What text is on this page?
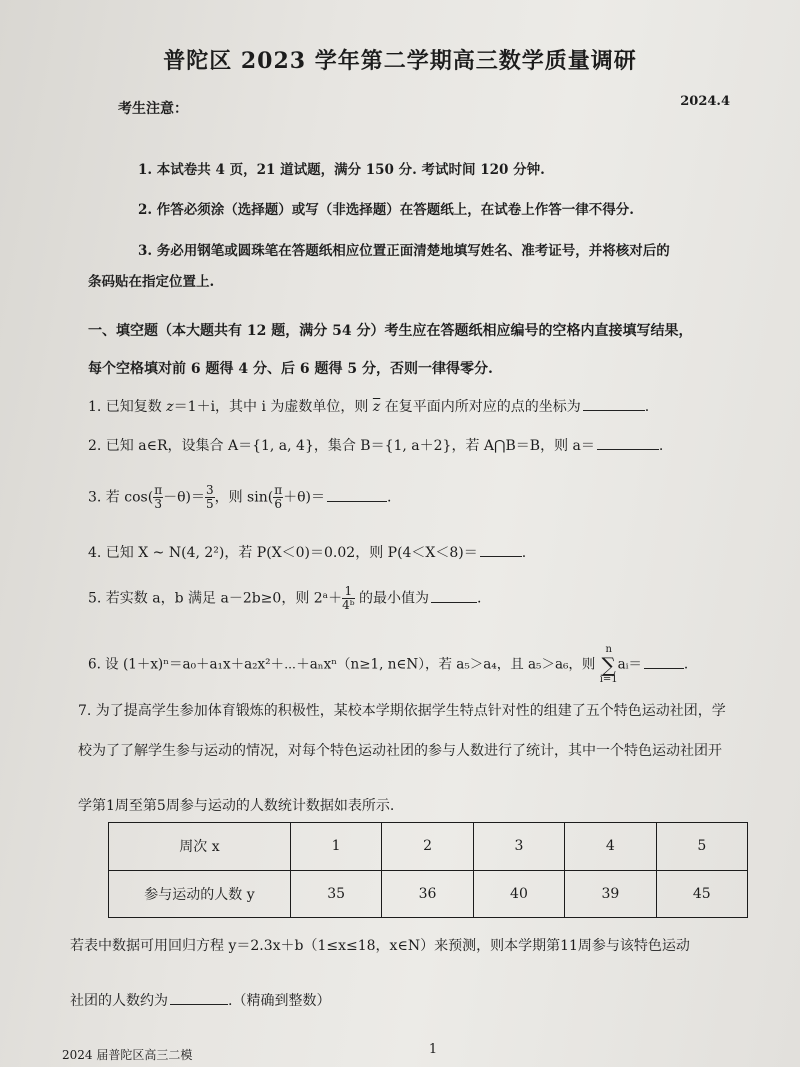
普陀区 2023 学年第二学期高三数学质量调研
2024.4
考生注意：
1. 本试卷共 4 页，21 道试题，满分 150 分. 考试时间 120 分钟.
2. 作答必须涂（选择题）或写（非选择题）在答题纸上，在试卷上作答一律不得分.
3. 务必用钢笔或圆珠笔在答题纸相应位置正面清楚地填写姓名、准考证号，并将核对后的
条码贴在指定位置上.
一、填空题（本大题共有 12 题，满分 54 分）考生应在答题纸相应编号的空格内直接填写结果，
每个空格填对前 6 题得 4 分、后 6 题得 5 分，否则一律得零分.
1. 已知复数 z＝1＋i，其中 i 为虚数单位，则 $\overline{z}$ 在复平面内所对应的点的坐标为	.
2. 已知 a∈R，设集合 A＝{1, a, 4}，集合 B＝{1, a＋2}，若 A⋂B＝B，则 a＝	.
3. 若 $\cos( \frac{\pi}{3} -\theta)= \frac{3}{5}$ ，则 $\sin( \frac{\pi}{6} +\theta)=$	.
4. 已知 X ~ N(4, 2²)，若 P(X＜0)＝0.02，则 P(4＜X＜8)＝	.
5. 若实数 a，b 满足 a－2b≥0，则 2ᵃ＋ $\frac{1}{\text{4ᵇ}}$ 的最小值为	.
6. 设 (1＋x)ⁿ＝a₀＋a₁x＋a₂x²＋⋯＋aₙxⁿ（n≥1, n∈N），若 a₅＞a₄，且 a₅＞a₆，则 n
∑
i=1aᵢ＝	.
7. 为了提高学生参加体育锻炼的积极性，某校本学期依据学生特点针对性的组建了五个特色运动社团，学
校为了了解学生参与运动的情况，对每个特色运动社团的参与人数进行了统计，其中一个特色运动社团开
学第1周至第5周参与运动的人数统计数据如表所示.
周次 x	1	2	3	4	5
参与运动的人数 y	35	36	40	39	45
若表中数据可用回归方程 y＝2.3x＋b（1≤x≤18，x∈N）来预测，则本学期第11周参与该特色运动
社团的人数约为	.（精确到整数）
1
2024 届普陀区高三二模
